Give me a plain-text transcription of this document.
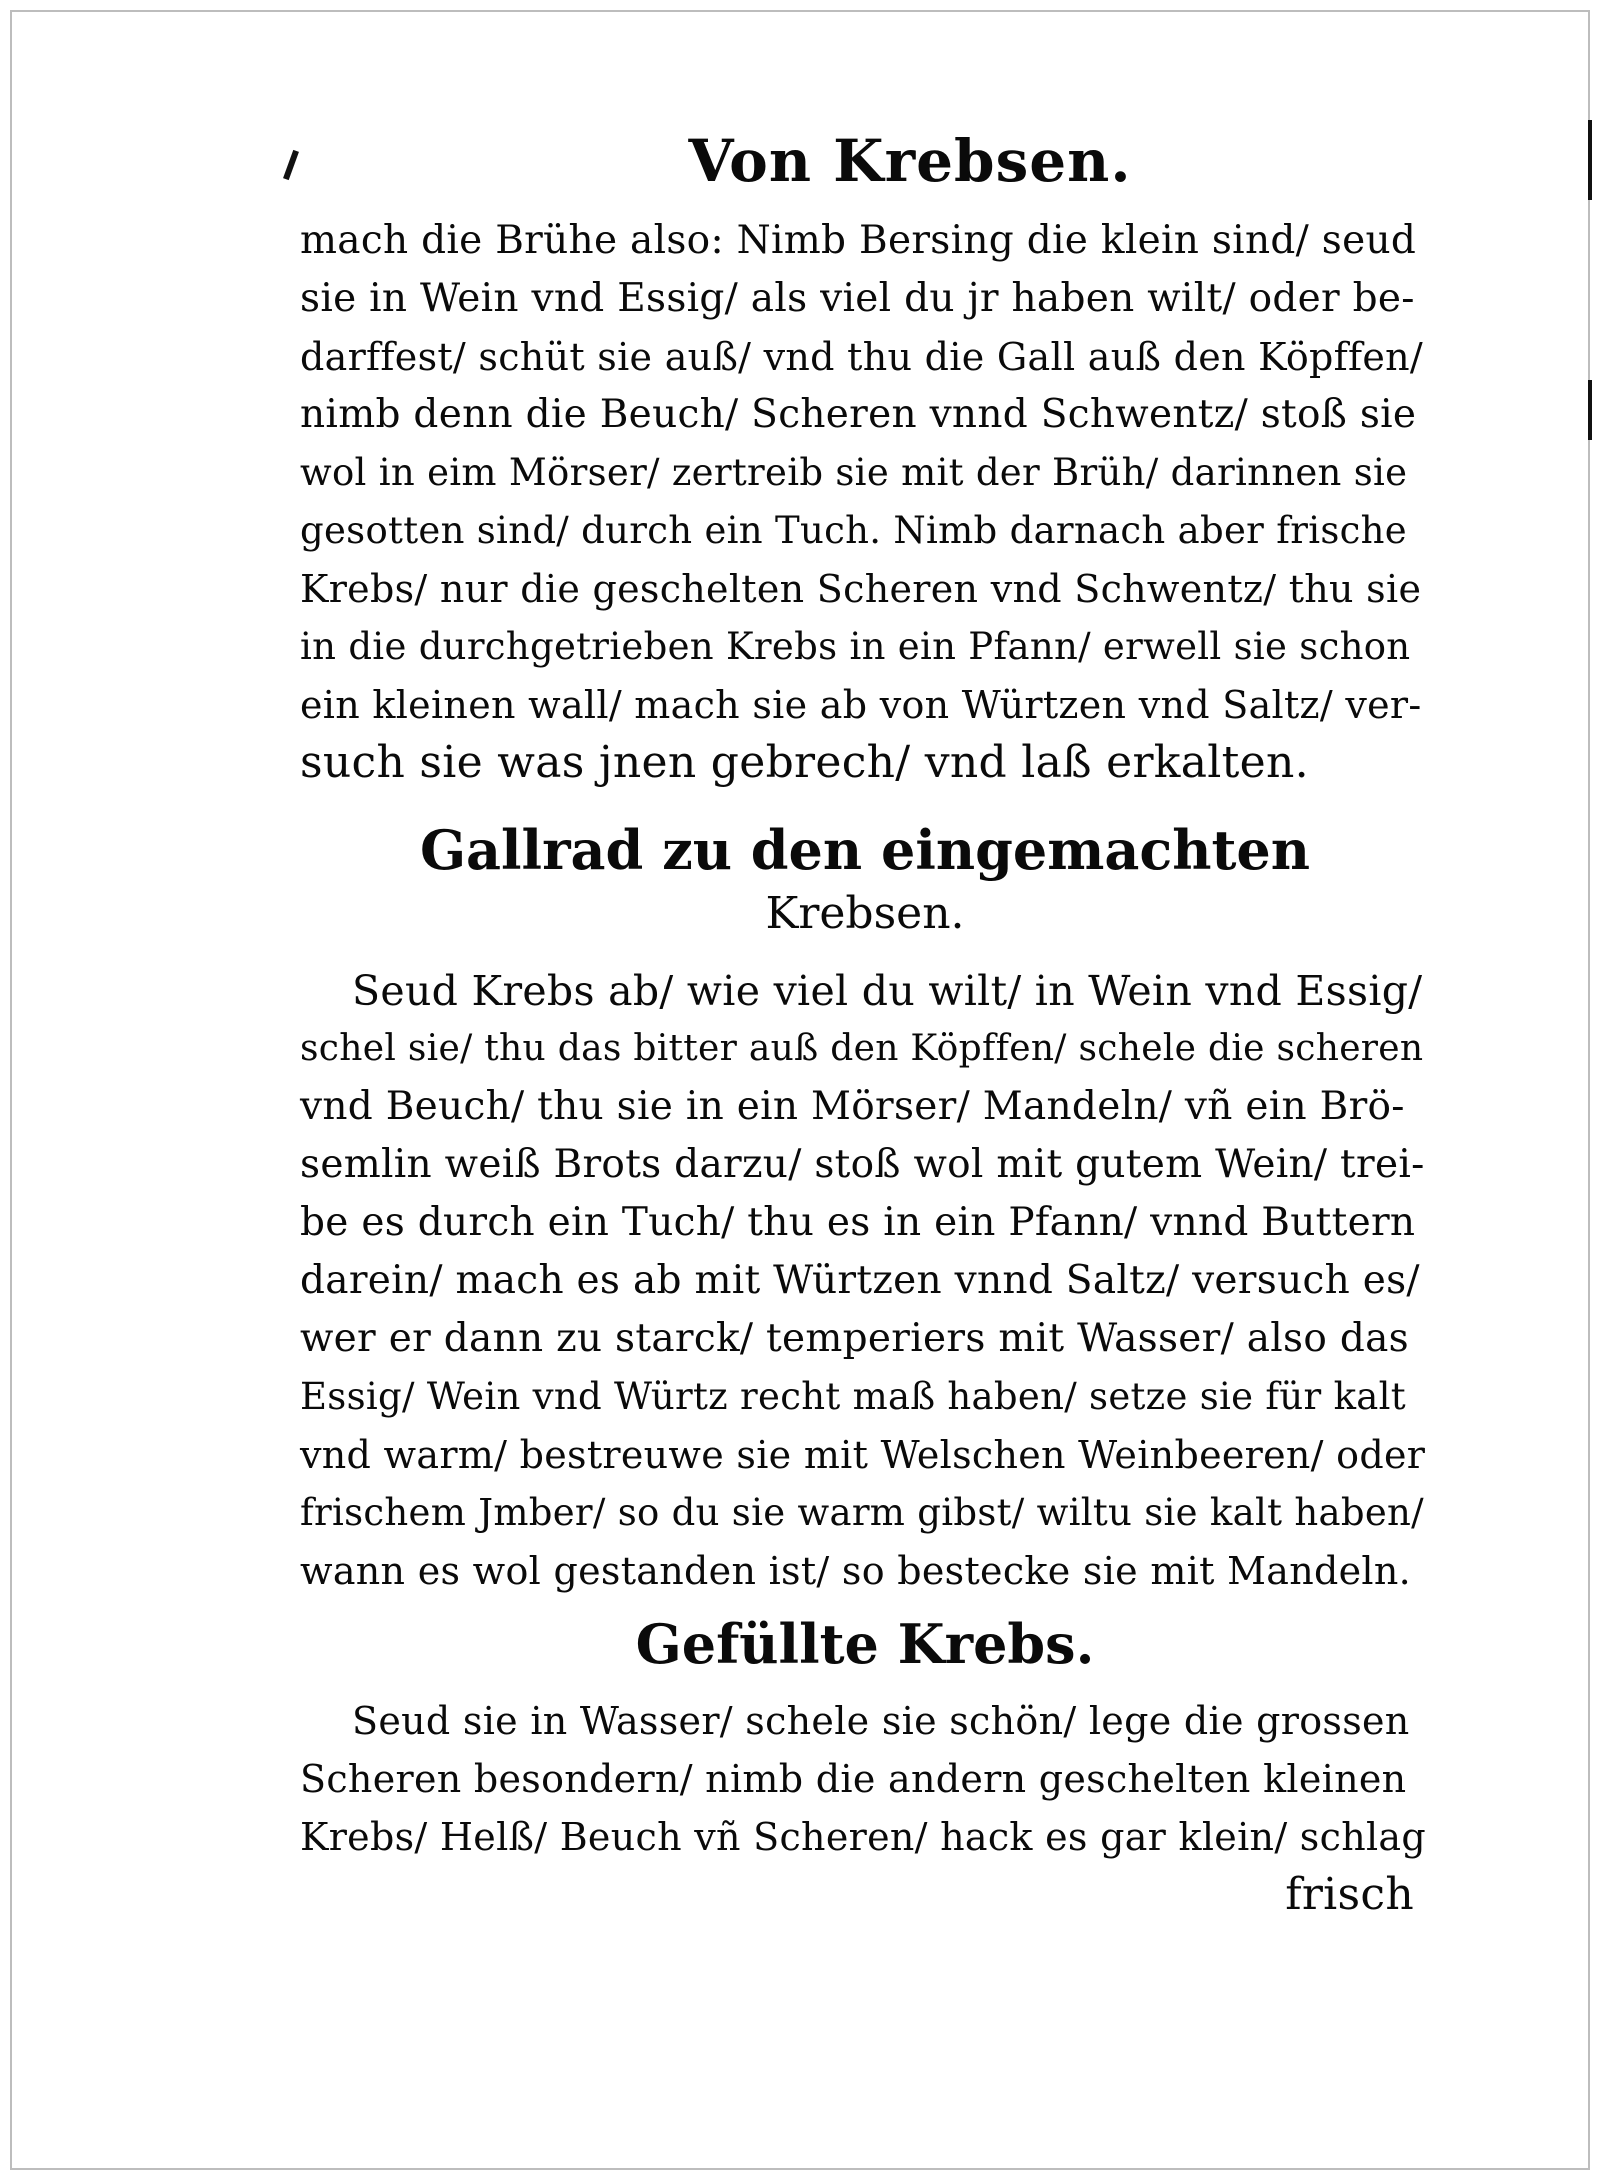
Von Krebsen.
mach die Brühe also: Nimb Bersing die klein sind/ seud
sie in Wein vnd Essig/ als viel du jr haben wilt/ oder be-
darffest/ schüt sie auß/ vnd thu die Gall auß den Köpffen/
nimb denn die Beuch/ Scheren vnnd Schwentz/ stoß sie
wol in eim Mörser/ zertreib sie mit der Brüh/ darinnen sie
gesotten sind/ durch ein Tuch. Nimb darnach aber frische
Krebs/ nur die geschelten Scheren vnd Schwentz/ thu sie
in die durchgetrieben Krebs in ein Pfann/ erwell sie schon
ein kleinen wall/ mach sie ab von Würtzen vnd Saltz/ ver-
such sie was jnen gebrech/ vnd laß erkalten.
Gallrad zu den eingemachten
Krebsen.
Seud Krebs ab/ wie viel du wilt/ in Wein vnd Essig/
schel sie/ thu das bitter auß den Köpffen/ schele die scheren
vnd Beuch/ thu sie in ein Mörser/ Mandeln/ vñ ein Brö-
semlin weiß Brots darzu/ stoß wol mit gutem Wein/ trei-
be es durch ein Tuch/ thu es in ein Pfann/ vnnd Buttern
darein/ mach es ab mit Würtzen vnnd Saltz/ versuch es/
wer er dann zu starck/ temperiers mit Wasser/ also das
Essig/ Wein vnd Würtz recht maß haben/ setze sie für kalt
vnd warm/ bestreuwe sie mit Welschen Weinbeeren/ oder
frischem Jmber/ so du sie warm gibst/ wiltu sie kalt haben/
wann es wol gestanden ist/ so bestecke sie mit Mandeln.
Gefüllte Krebs.
Seud sie in Wasser/ schele sie schön/ lege die grossen
Scheren besondern/ nimb die andern geschelten kleinen
Krebs/ Helß/ Beuch vñ Scheren/ hack es gar klein/ schlag
frisch
